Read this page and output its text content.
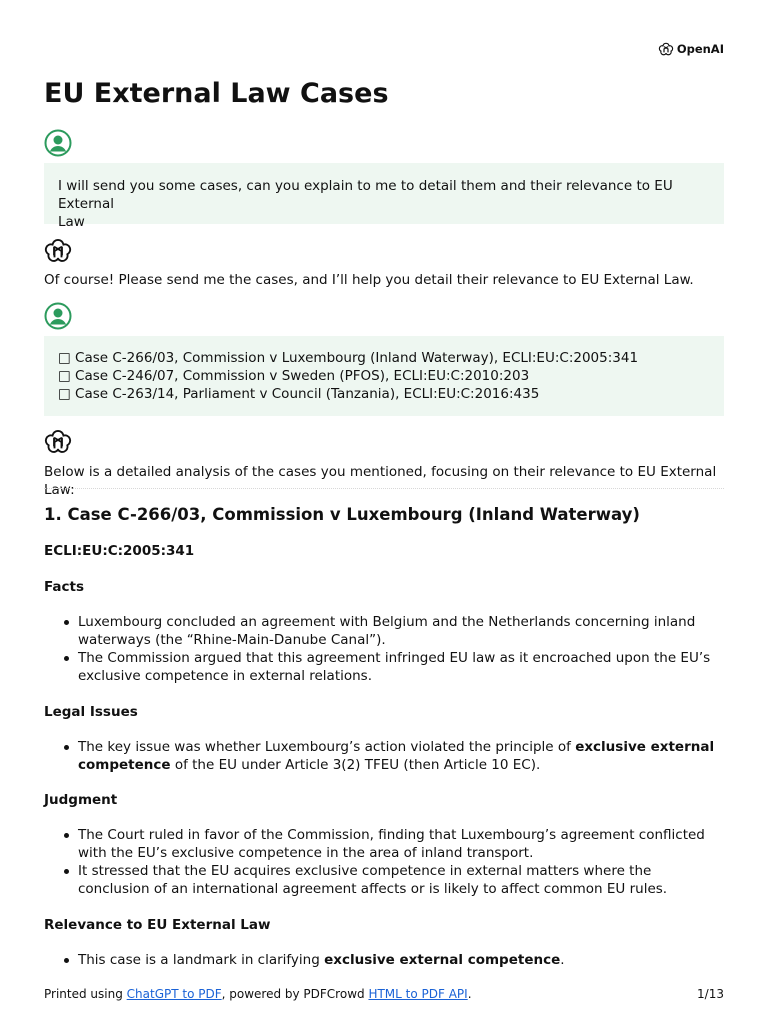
OpenAI
EU External Law Cases
I will send you some cases, can you explain to me to detail them and their relevance to EU External
Law

Of course! Please send me the cases, and I’ll help you detail their relevance to EU External Law.

□ Case C-266/03, Commission v Luxembourg (Inland Waterway), ECLI:EU:C:2005:341
□ Case C-246/07, Commission v Sweden (PFOS), ECLI:EU:C:2010:203
□ Case C-263/14, Parliament v Council (Tanzania), ECLI:EU:C:2016:435

Below is a detailed analysis of the cases you mentioned, focusing on their relevance to EU External Law:

1. Case C-266/03, Commission v Luxembourg (Inland Waterway)
ECLI:EU:C:2005:341
Facts
Luxembourg concluded an agreement with Belgium and the Netherlands concerning inland waterways (the “Rhine-Main-Danube Canal”).
The Commission argued that this agreement infringed EU law as it encroached upon the EU’s exclusive competence in external relations.
Legal Issues
The key issue was whether Luxembourg’s action violated the principle of exclusive external competence of the EU under Article 3(2) TFEU (then Article 10 EC).
Judgment
The Court ruled in favor of the Commission, finding that Luxembourg’s agreement conflicted with the EU’s exclusive competence in the area of inland transport.
It stressed that the EU acquires exclusive competence in external matters where the conclusion of an international agreement affects or is likely to affect common EU rules.
Relevance to EU External Law
This case is a landmark in clarifying exclusive external competence.
Printed using ChatGPT to PDF, powered by PDFCrowd HTML to PDF API.	1/13
